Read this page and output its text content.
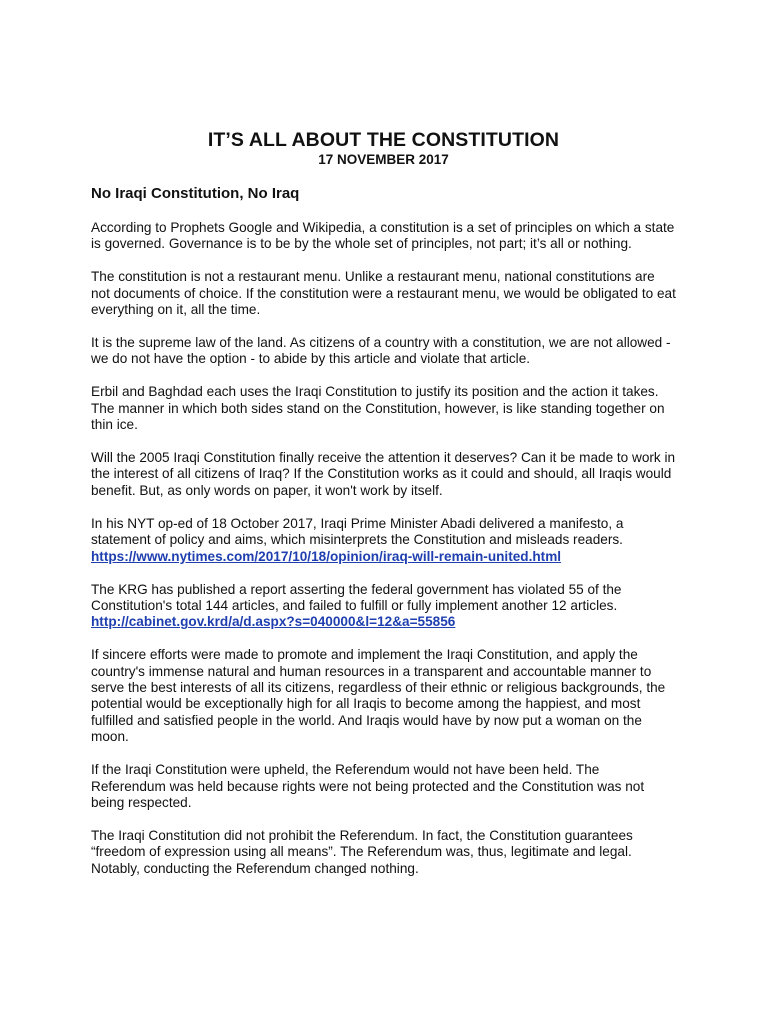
IT’S ALL ABOUT THE CONSTITUTION
17 NOVEMBER 2017
No Iraqi Constitution, No Iraq

According to Prophets Google and Wikipedia, a constitution is a set of principles on which a state is governed. Governance is to be by the whole set of principles, not part; it’s all or nothing.

The constitution is not a restaurant menu. Unlike a restaurant menu, national constitutions are not documents of choice. If the constitution were a restaurant menu, we would be obligated to eat everything on it, all the time.

It is the supreme law of the land. As citizens of a country with a constitution, we are not allowed - we do not have the option - to abide by this article and violate that article.

Erbil and Baghdad each uses the Iraqi Constitution to justify its position and the action it takes. The manner in which both sides stand on the Constitution, however, is like standing together on thin ice.

Will the 2005 Iraqi Constitution finally receive the attention it deserves? Can it be made to work in the interest of all citizens of Iraq? If the Constitution works as it could and should, all Iraqis would benefit. But, as only words on paper, it won't work by itself.

In his NYT op-ed of 18 October 2017, Iraqi Prime Minister Abadi delivered a manifesto, a statement of policy and aims, which misinterprets the Constitution and misleads readers. https://www.nytimes.com/2017/10/18/opinion/iraq-will-remain-united.html

The KRG has published a report asserting the federal government has violated 55 of the Constitution's total 144 articles, and failed to fulfill or fully implement another 12 articles. http://cabinet.gov.krd/a/d.aspx?s=040000&l=12&a=55856

If sincere efforts were made to promote and implement the Iraqi Constitution, and apply the country's immense natural and human resources in a transparent and accountable manner to serve the best interests of all its citizens, regardless of their ethnic or religious backgrounds, the potential would be exceptionally high for all Iraqis to become among the happiest, and most fulfilled and satisfied people in the world. And Iraqis would have by now put a woman on the moon.

If the Iraqi Constitution were upheld, the Referendum would not have been held. The Referendum was held because rights were not being protected and the Constitution was not being respected.

The Iraqi Constitution did not prohibit the Referendum. In fact, the Constitution guarantees “freedom of expression using all means”. The Referendum was, thus, legitimate and legal. Notably, conducting the Referendum changed nothing.
